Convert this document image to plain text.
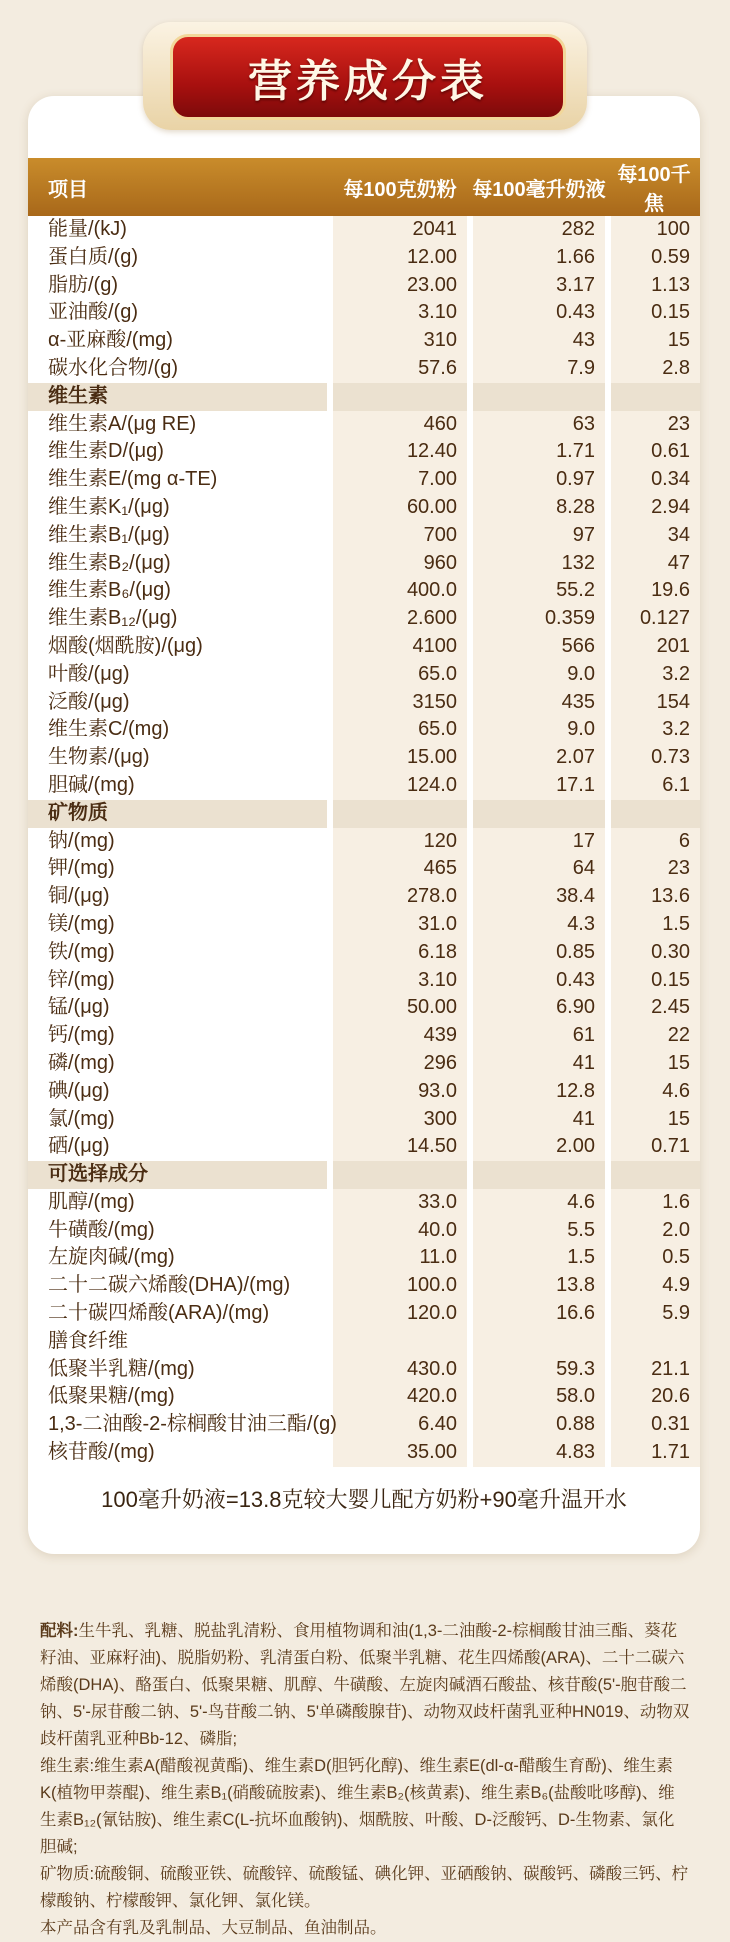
营养成分表
项目	每100克奶粉	每100毫升奶液	每100千焦
能量/(kJ)	2041	282	100
蛋白质/(g)	12.00	1.66	0.59
脂肪/(g)	23.00	3.17	1.13
亚油酸/(g)	3.10	0.43	0.15
α-亚麻酸/(mg)	310	43	15
碳水化合物/(g)	57.6	7.9	2.8
维生素			
维生素A/(μg RE)	460	63	23
维生素D/(μg)	12.40	1.71	0.61
维生素E/(mg α-TE)	7.00	0.97	0.34
维生素K₁/(μg)	60.00	8.28	2.94
维生素B₁/(μg)	700	97	34
维生素B₂/(μg)	960	132	47
维生素B₆/(μg)	400.0	55.2	19.6
维生素B₁₂/(μg)	2.600	0.359	0.127
烟酸(烟酰胺)/(μg)	4100	566	201
叶酸/(μg)	65.0	9.0	3.2
泛酸/(μg)	3150	435	154
维生素C/(mg)	65.0	9.0	3.2
生物素/(μg)	15.00	2.07	0.73
胆碱/(mg)	124.0	17.1	6.1
矿物质			
钠/(mg)	120	17	6
钾/(mg)	465	64	23
铜/(μg)	278.0	38.4	13.6
镁/(mg)	31.0	4.3	1.5
铁/(mg)	6.18	0.85	0.30
锌/(mg)	3.10	0.43	0.15
锰/(μg)	50.00	6.90	2.45
钙/(mg)	439	61	22
磷/(mg)	296	41	15
碘/(μg)	93.0	12.8	4.6
氯/(mg)	300	41	15
硒/(μg)	14.50	2.00	0.71
可选择成分			
肌醇/(mg)	33.0	4.6	1.6
牛磺酸/(mg)	40.0	5.5	2.0
左旋肉碱/(mg)	11.0	1.5	0.5
二十二碳六烯酸(DHA)/(mg)	100.0	13.8	4.9
二十碳四烯酸(ARA)/(mg)	120.0	16.6	5.9
膳食纤维			
低聚半乳糖/(mg)	430.0	59.3	21.1
低聚果糖/(mg)	420.0	58.0	20.6
1,3-二油酸-2-棕榈酸甘油三酯/(g)	6.40	0.88	0.31
核苷酸/(mg)	35.00	4.83	1.71
100毫升奶液=13.8克较大婴儿配方奶粉+90毫升温开水

配料:生牛乳、乳糖、脱盐乳清粉、食用植物调和油(1,3-二油酸-2-棕榈酸甘油三酯、葵花籽油、亚麻籽油)、脱脂奶粉、乳清蛋白粉、低聚半乳糖、花生四烯酸(ARA)、二十二碳六烯酸(DHA)、酪蛋白、低聚果糖、肌醇、牛磺酸、左旋肉碱酒石酸盐、核苷酸(5'-胞苷酸二钠、5'-尿苷酸二钠、5'-鸟苷酸二钠、5'单磷酸腺苷)、动物双歧杆菌乳亚种HN019、动物双歧杆菌乳亚种Bb-12、磷脂;

维生素:维生素A(醋酸视黄酯)、维生素D(胆钙化醇)、维生素E(dl-α-醋酸生育酚)、维生素K(植物甲萘醌)、维生素B₁(硝酸硫胺素)、维生素B₂(核黄素)、维生素B₆(盐酸吡哆醇)、维生素B₁₂(氰钴胺)、维生素C(L-抗坏血酸钠)、烟酰胺、叶酸、D-泛酸钙、D-生物素、氯化胆碱;

矿物质:硫酸铜、硫酸亚铁、硫酸锌、硫酸锰、碘化钾、亚硒酸钠、碳酸钙、磷酸三钙、柠檬酸钠、柠檬酸钾、氯化钾、氯化镁。

本产品含有乳及乳制品、大豆制品、鱼油制品。
